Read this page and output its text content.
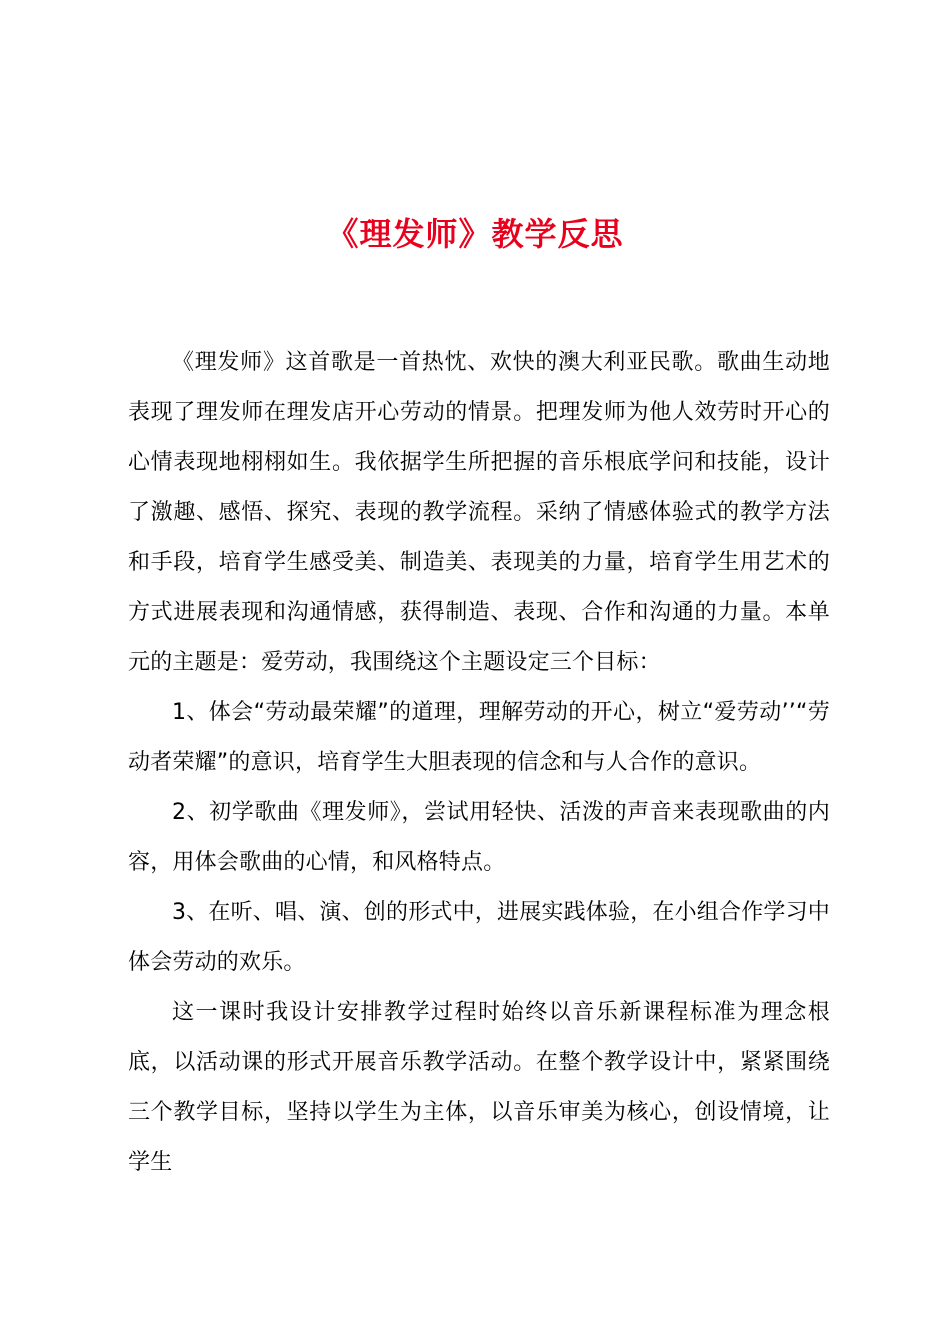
《理发师》教学反思

《理发师》这首歌是一首热忱、欢快的澳大利亚民歌。歌曲生动地表现了理发师在理发店开心劳动的情景。把理发师为他人效劳时开心的心情表现地栩栩如生。我依据学生所把握的音乐根底学问和技能，设计了激趣、感悟、探究、表现的教学流程。采纳了情感体验式的教学方法和手段，培育学生感受美、制造美、表现美的力量，培育学生用艺术的方式进展表现和沟通情感，获得制造、表现、合作和沟通的力量。本单元的主题是：爱劳动，我围绕这个主题设定三个目标：

1、体会“劳动最荣耀”的道理，理解劳动的开心，树立“爱劳动’’“劳动者荣耀”的意识，培育学生大胆表现的信念和与人合作的意识。

2、初学歌曲《理发师》，尝试用轻快、活泼的声音来表现歌曲的内容，用体会歌曲的心情，和风格特点。

3、在听、唱、演、创的形式中，进展实践体验，在小组合作学习中体会劳动的欢乐。

这一课时我设计安排教学过程时始终以音乐新课程标准为理念根底，以活动课的形式开展音乐教学活动。在整个教学设计中，紧紧围绕三个教学目标，坚持以学生为主体，以音乐审美为核心，创设情境，让学生
